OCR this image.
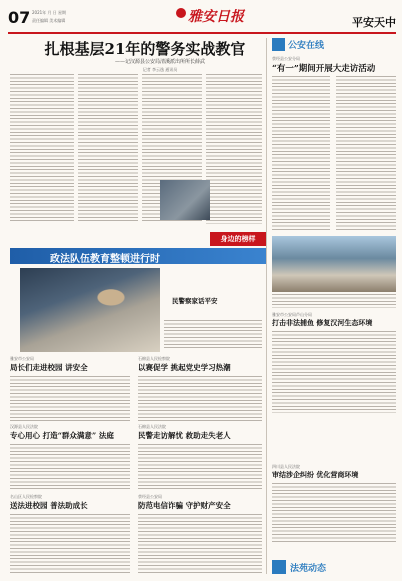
07 2021年 月 日 星期
责任编辑 美术编辑	雅安日报	平安天中
扎根基层21年的警务实战教官
——记汉源县公安局清溪派出所所长薛武
记者 李云逸 通讯员
公安在线
荥经县公安分局
“有一”期间开展大走访活动
身边的榜样
政法队伍教育整顿进行时
民警察家话平安
雅安市公安局
局长们走进校园 讲安全
石棉县人民检察院
以赛促学 挑起党史学习热潮
汉源县人民法院
专心用心 打造“群众满意” 法庭
石棉县人民法院
民警走访解忧 救助走失老人
名山区人民检察院
送法进校园 普法助成长
荥经县公安局
防范电信诈骗 守护财产安全
雅安市公安局芦山分局
打击非法捕鱼 修复汉河生态环境
四川县人民法院
审结涉企纠纷 优化营商环境
法苑动态
